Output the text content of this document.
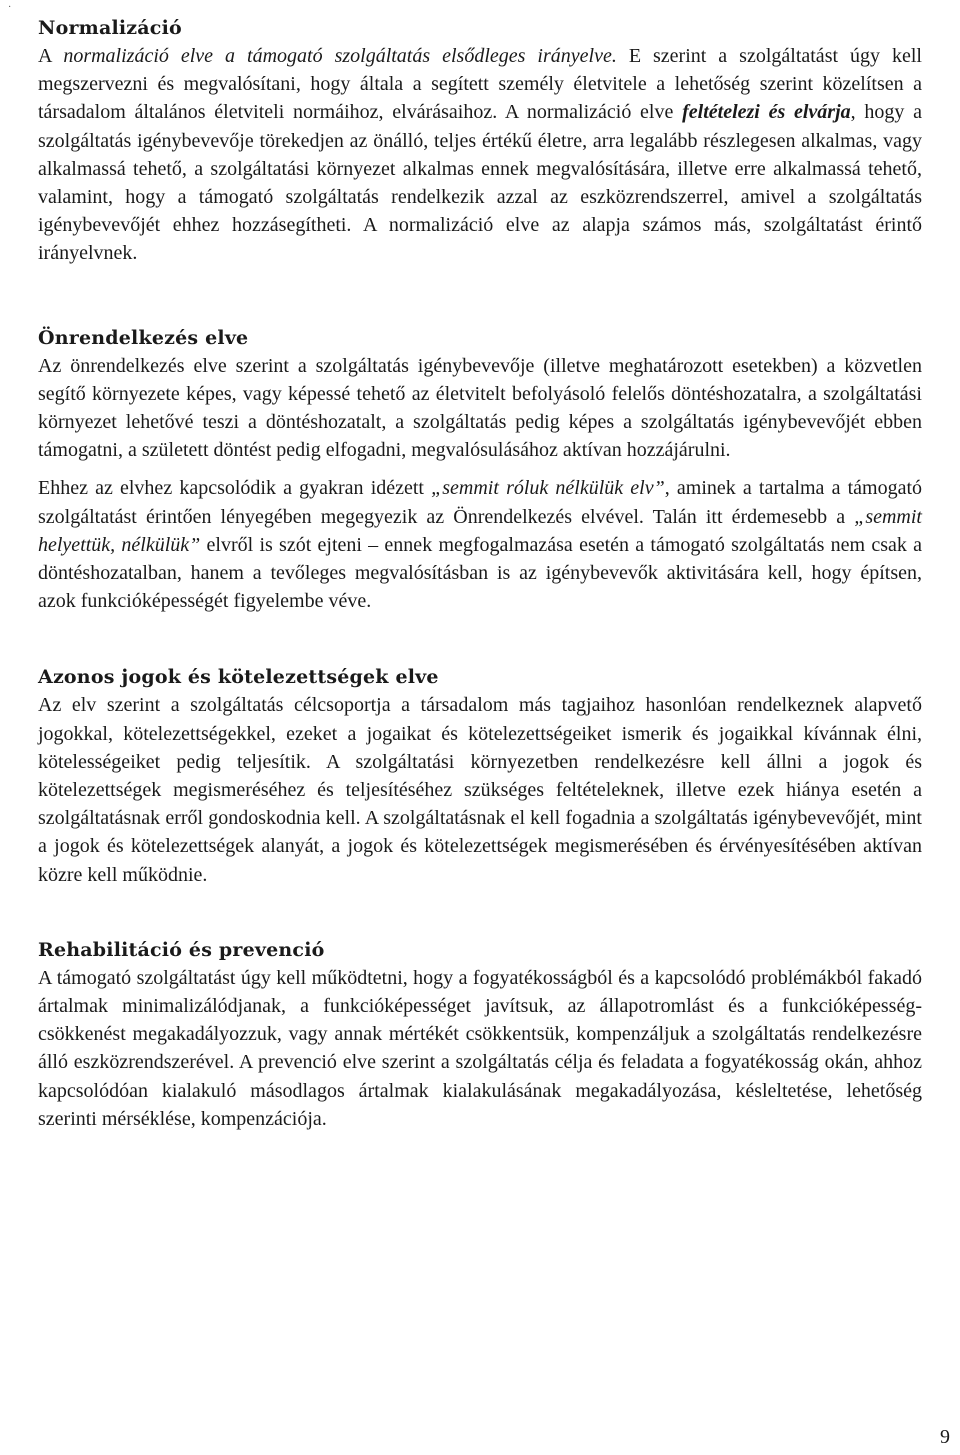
·
Normalizáció

A normalizáció elve a támogató szolgáltatás elsődleges irányelve. E szerint a szolgáltatást úgy kell megszervezni és megvalósítani, hogy általa a segített személy életvitele a lehetőség szerint közelítsen a társadalom általános életviteli normáihoz, elvárásaihoz. A normalizáció elve feltételezi és elvárja, hogy a szolgáltatás igénybevevője törekedjen az önálló, teljes értékű életre, arra legalább részlegesen alkalmas, vagy alkalmassá tehető, a szolgáltatási környezet alkalmas ennek megvalósítására, illetve erre alkalmassá tehető, valamint, hogy a támogató szolgáltatás rendelkezik azzal az eszközrendszerrel, amivel a szolgáltatás igénybevevőjét ehhez hozzásegítheti. A normalizáció elve az alapja számos más, szolgáltatást érintő irányelvnek.

Önrendelkezés elve

Az önrendelkezés elve szerint a szolgáltatás igénybevevője (illetve meghatározott esetekben) a közvetlen segítő környezete képes, vagy képessé tehető az életvitelt befolyásoló felelős döntéshozatalra, a szolgáltatási környezet lehetővé teszi a döntéshozatalt, a szolgáltatás pedig képes a szolgáltatás igénybevevőjét ebben támogatni, a született döntést pedig elfogadni, megvalósulásához aktívan hozzájárulni.

Ehhez az elvhez kapcsolódik a gyakran idézett „semmit róluk nélkülük elv”, aminek a tartalma a támogató szolgáltatást érintően lényegében megegyezik az Önrendelkezés elvével. Talán itt érdemesebb a „semmit helyettük, nélkülük” elvről is szót ejteni – ennek megfogalmazása esetén a támogató szolgáltatás nem csak a döntéshozatalban, hanem a tevőleges megvalósításban is az igénybevevők aktivitására kell, hogy építsen, azok funkcióképességét figyelembe véve.

Azonos jogok és kötelezettségek elve

Az elv szerint a szolgáltatás célcsoportja a társadalom más tagjaihoz hasonlóan rendelkeznek alapvető jogokkal, kötelezettségekkel, ezeket a jogaikat és kötelezettségeiket ismerik és jogaikkal kívánnak élni, kötelességeiket pedig teljesítik. A szolgáltatási környezetben rendelkezésre kell állni a jogok és kötelezettségek megismeréséhez és teljesítéséhez szükséges feltételeknek, illetve ezek hiánya esetén a szolgáltatásnak erről gondoskodnia kell. A szolgáltatásnak el kell fogadnia a szolgáltatás igénybevevőjét, mint a jogok és kötelezettségek alanyát, a jogok és kötelezettségek megismerésében és érvényesítésében aktívan közre kell működnie.

Rehabilitáció és prevenció

A támogató szolgáltatást úgy kell működtetni, hogy a fogyatékosságból és a kapcsolódó problémákból fakadó ártalmak minimalizálódjanak, a funkcióképességet javítsuk, az állapotromlást és a funkcióképesség-csökkenést megakadályozzuk, vagy annak mértékét csökkentsük, kompenzáljuk a szolgáltatás rendelkezésre álló eszközrendszerével. A prevenció elve szerint a szolgáltatás célja és feladata a fogyatékosság okán, ahhoz kapcsolódóan kialakuló másodlagos ártalmak kialakulásának megakadályozása, késleltetése, lehetőség szerinti mérséklése, kompenzációja.

9
